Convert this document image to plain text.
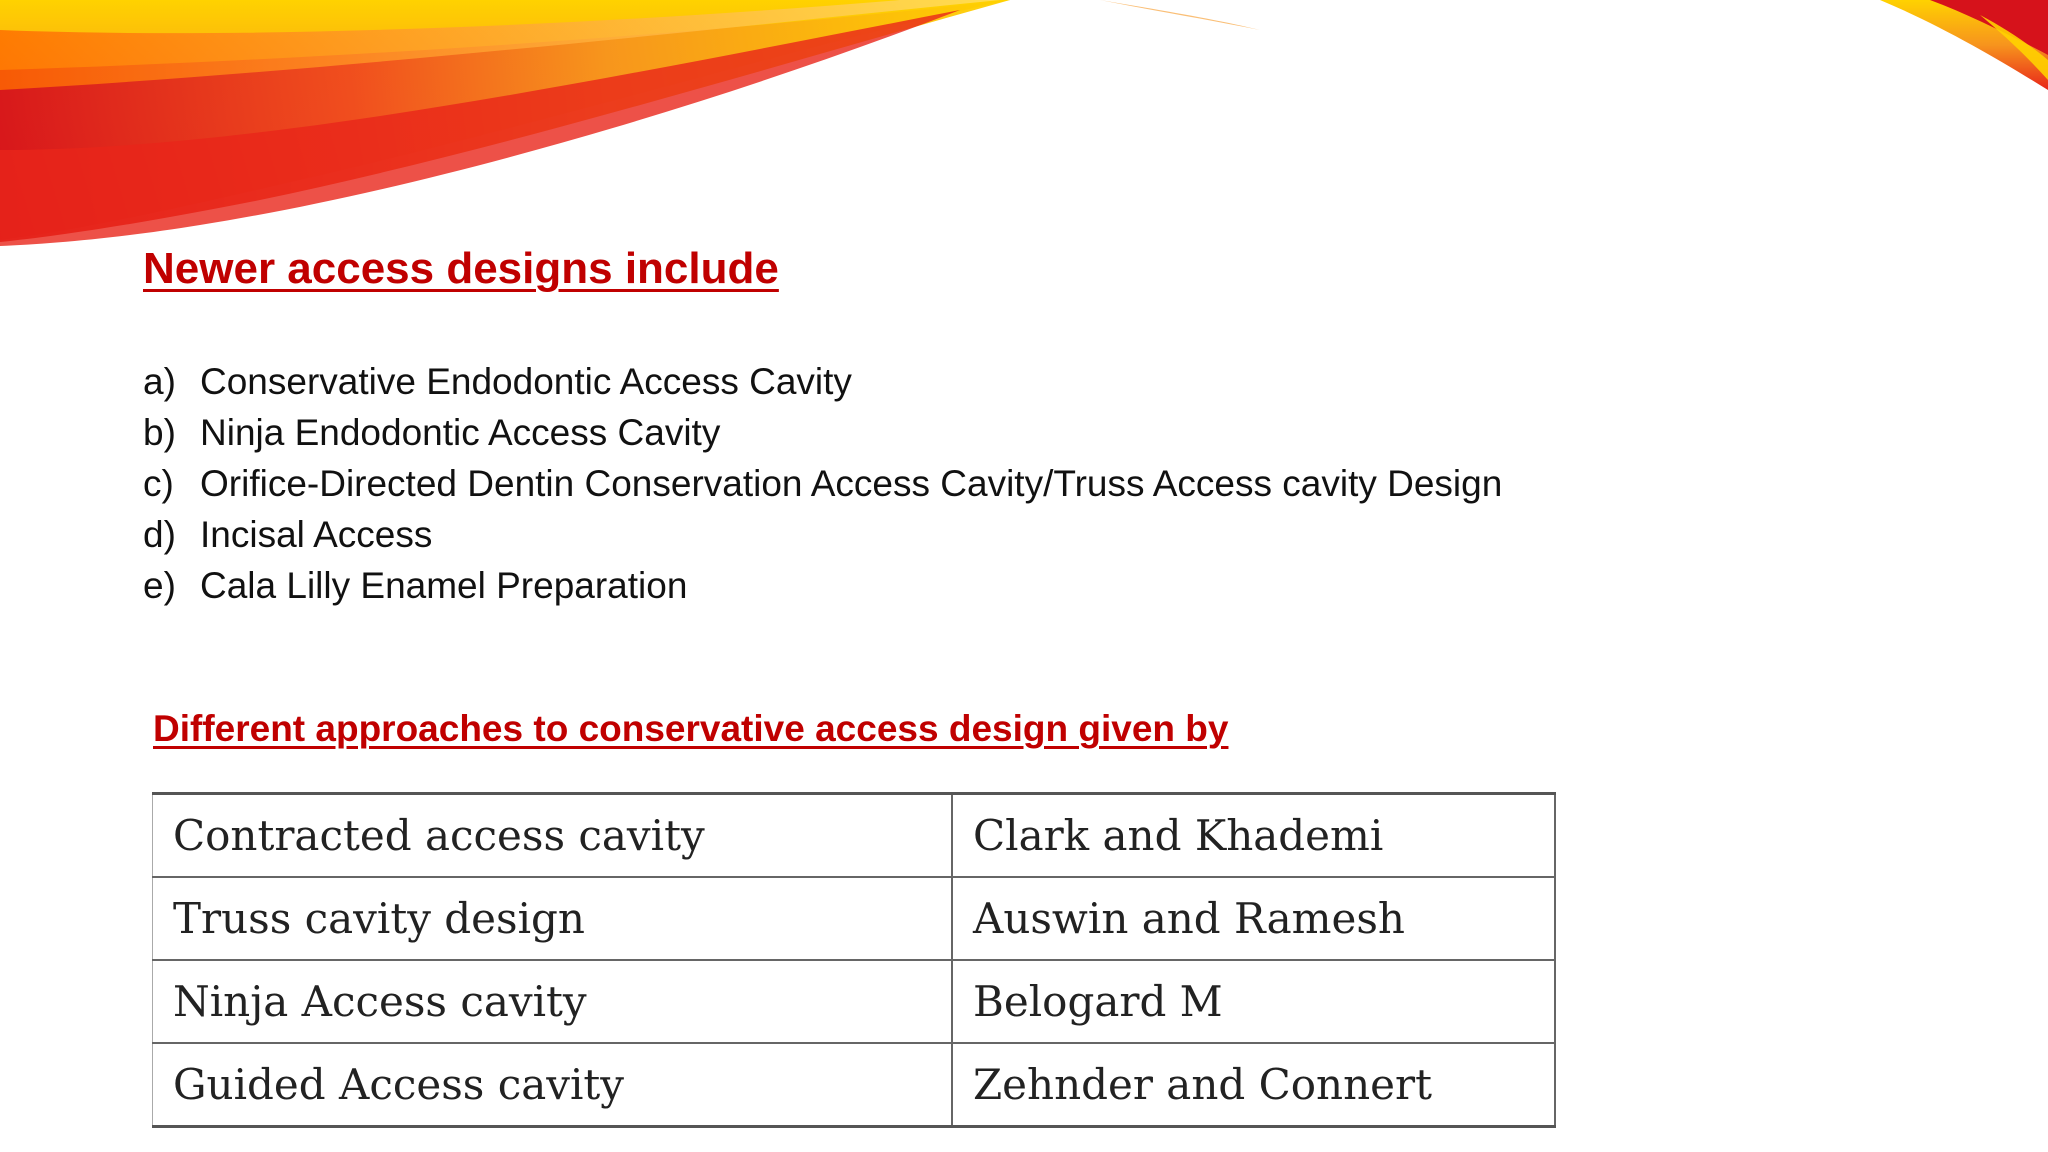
Newer access designs include
a) Conservative Endodontic Access Cavity
b) Ninja Endodontic Access Cavity
c) Orifice-Directed Dentin Conservation Access Cavity/Truss Access cavity Design
d) Incisal Access
e) Cala Lilly Enamel Preparation
Different approaches to conservative access design given by
Contracted access cavity	Clark and Khademi
Truss cavity design	Auswin and Ramesh
Ninja Access cavity	Belogard M
Guided Access cavity	Zehnder and Connert
